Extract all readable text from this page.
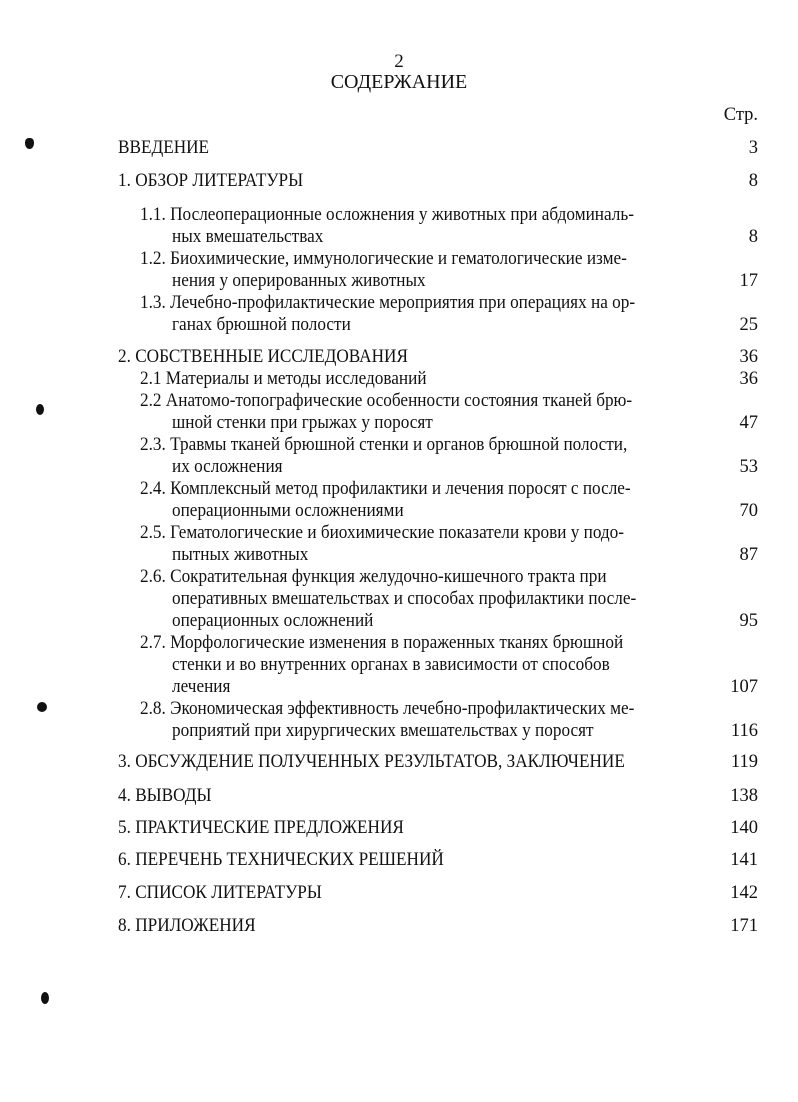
2
СОДЕРЖАНИЕ
Стр.
ВВЕДЕНИЕ	3
1. ОБЗОР ЛИТЕРАТУРЫ	8
1.1. Послеоперационные осложнения у животных при абдоминаль-
ных вмешательствах	8
1.2. Биохимические, иммунологические и гематологические изме-
нения у оперированных животных	17
1.3. Лечебно-профилактические мероприятия при операциях на ор-
ганах брюшной полости	25
2. СОБСТВЕННЫЕ ИССЛЕДОВАНИЯ	36
2.1 Материалы и методы исследований	36
2.2 Анатомо-топографические особенности состояния тканей брю-
шной стенки при грыжах у поросят	47
2.3. Травмы тканей брюшной стенки и органов брюшной полости,
их осложнения	53
2.4. Комплексный метод профилактики и лечения поросят с после-
операционными осложнениями	70
2.5. Гематологические и биохимические показатели крови у подо-
пытных животных	87
2.6. Сократительная функция желудочно-кишечного тракта при
оперативных вмешательствах и способах профилактики после-
операционных осложнений	95
2.7. Морфологические изменения в пораженных тканях брюшной
стенки и во внутренних органах в зависимости от способов
лечения	107
2.8. Экономическая эффективность лечебно-профилактических ме-
роприятий при хирургических вмешательствах у поросят	116
3. ОБСУЖДЕНИЕ ПОЛУЧЕННЫХ РЕЗУЛЬТАТОВ, ЗАКЛЮЧЕНИЕ	119
4. ВЫВОДЫ	138
5. ПРАКТИЧЕСКИЕ ПРЕДЛОЖЕНИЯ	140
6. ПЕРЕЧЕНЬ ТЕХНИЧЕСКИХ РЕШЕНИЙ	141
7. СПИСОК ЛИТЕРАТУРЫ	142
8. ПРИЛОЖЕНИЯ	171
